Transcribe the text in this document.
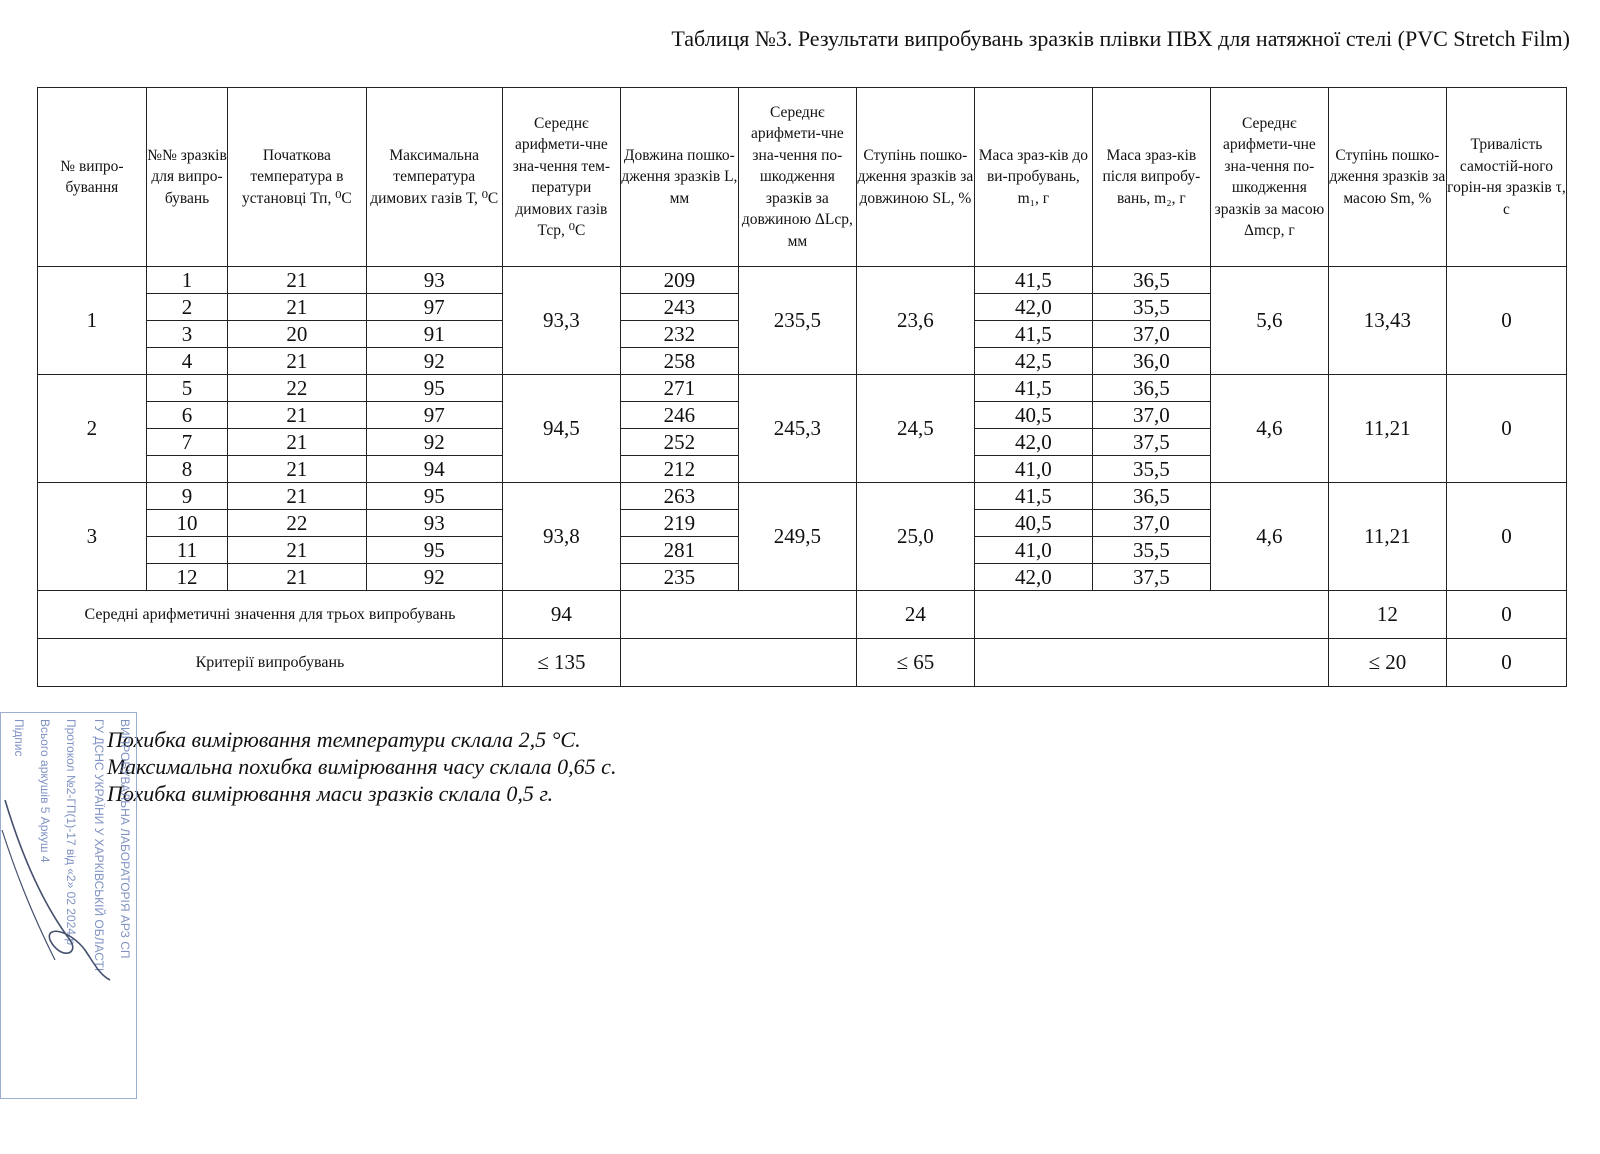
Таблиця №3. Результати випробувань зразків плівки ПВХ для натяжної стелі (PVC Stretch Film)
№ випро-бування	№№ зразків для випро-бувань	Початкова температура в установці Тп, ⁰С	Максимальна температура димових газів Т, ⁰С	Середнє арифмети-чне зна-чення тем-ператури димових газів Тср, ⁰С	Довжина пошко-дження зразків L, мм	Середнє арифмети-чне зна-чення по-шкодження зразків за довжиною ΔLср, мм	Ступінь пошко-дження зразків за довжиною SL, %	Маса зраз-ків до ви-пробувань, m₁, г	Маса зраз-ків після випробу-вань, m₂, г	Середнє арифмети-чне зна-чення по-шкодження зразків за масою Δmср, г	Ступінь пошко-дження зразків за масою Sm, %	Тривалість самостій-ного горін-ня зразків τ, с
1	1	21	93	93,3	209	235,5	23,6	41,5	36,5	5,6	13,43	0
	2	21	97		243			42,0	35,5			
	3	20	91		232			41,5	37,0			
	4	21	92		258			42,5	36,0			
2	5	22	95	94,5	271	245,3	24,5	41,5	36,5	4,6	11,21	0
	6	21	97		246			40,5	37,0			
	7	21	92		252			42,0	37,5			
	8	21	94		212			41,0	35,5			
3	9	21	95	93,8	263	249,5	25,0	41,5	36,5	4,6	11,21	0
	10	22	93		219			40,5	37,0			
	11	21	95		281			41,0	35,5			
	12	21	92		235			42,0	37,5			
Середні арифметичні значення для трьох випробувань				94			24				12	0
Критерії випробувань				≤ 135			≤ 65				≤ 20	0
Похибка вимірювання температури склала 2,5 °С.
Максимальна похибка вимірювання часу склала 0,65 с.
Похибка вимірювання маси зразків склала 0,5 г.
ВИПРОБУВАЛЬНА ЛАБОРАТОРІЯ АРЗ СП
ГУ ДСНС УКРАЇНИ У ХАРКІВСЬКІЙ ОБЛАСТІ
Протокол №2-ГП(1)-17 від «2» 02 2024 р
Всього аркушів 5 Аркуш 4
Підпис
